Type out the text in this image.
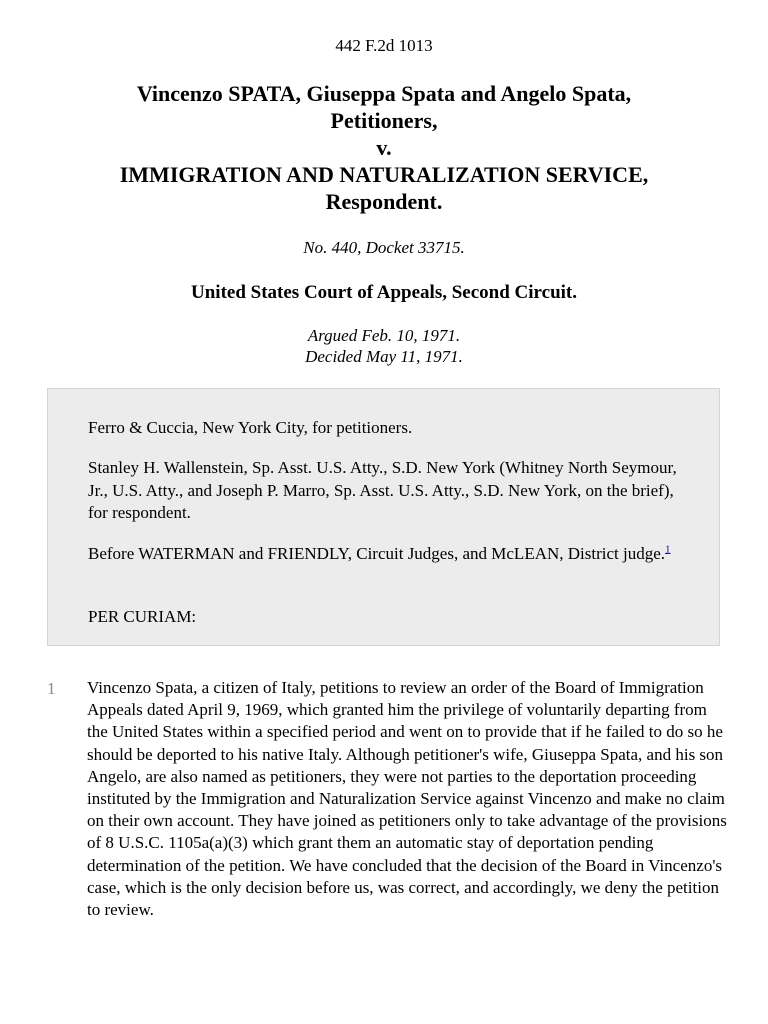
442 F.2d 1013
Vincenzo SPATA, Giuseppa Spata and Angelo Spata,
Petitioners,
v.
IMMIGRATION AND NATURALIZATION SERVICE,
Respondent.
No. 440, Docket 33715.
United States Court of Appeals, Second Circuit.
Argued Feb. 10, 1971.
Decided May 11, 1971.

Ferro & Cuccia, New York City, for petitioners.

Stanley H. Wallenstein, Sp. Asst. U.S. Atty., S.D. New York (Whitney North Seymour, Jr., U.S. Atty., and Joseph P. Marro, Sp. Asst. U.S. Atty., S.D. New York, on the brief), for respondent.

Before WATERMAN and FRIENDLY, Circuit Judges, and McLEAN, District judge.$^1$

PER CURIAM:

1 Vincenzo Spata, a citizen of Italy, petitions to review an order of the Board of Immigration Appeals dated April 9, 1969, which granted him the privilege of voluntarily departing from the United States within a specified period and went on to provide that if he failed to do so he should be deported to his native Italy. Although petitioner's wife, Giuseppa Spata, and his son Angelo, are also named as petitioners, they were not parties to the deportation proceeding instituted by the Immigration and Naturalization Service against Vincenzo and make no claim on their own account. They have joined as petitioners only to take advantage of the provisions of 8 U.S.C. 1105a(a)(3) which grant them an automatic stay of deportation pending determination of the petition. We have concluded that the decision of the Board in Vincenzo's case, which is the only decision before us, was correct, and accordingly, we deny the petition to review.
